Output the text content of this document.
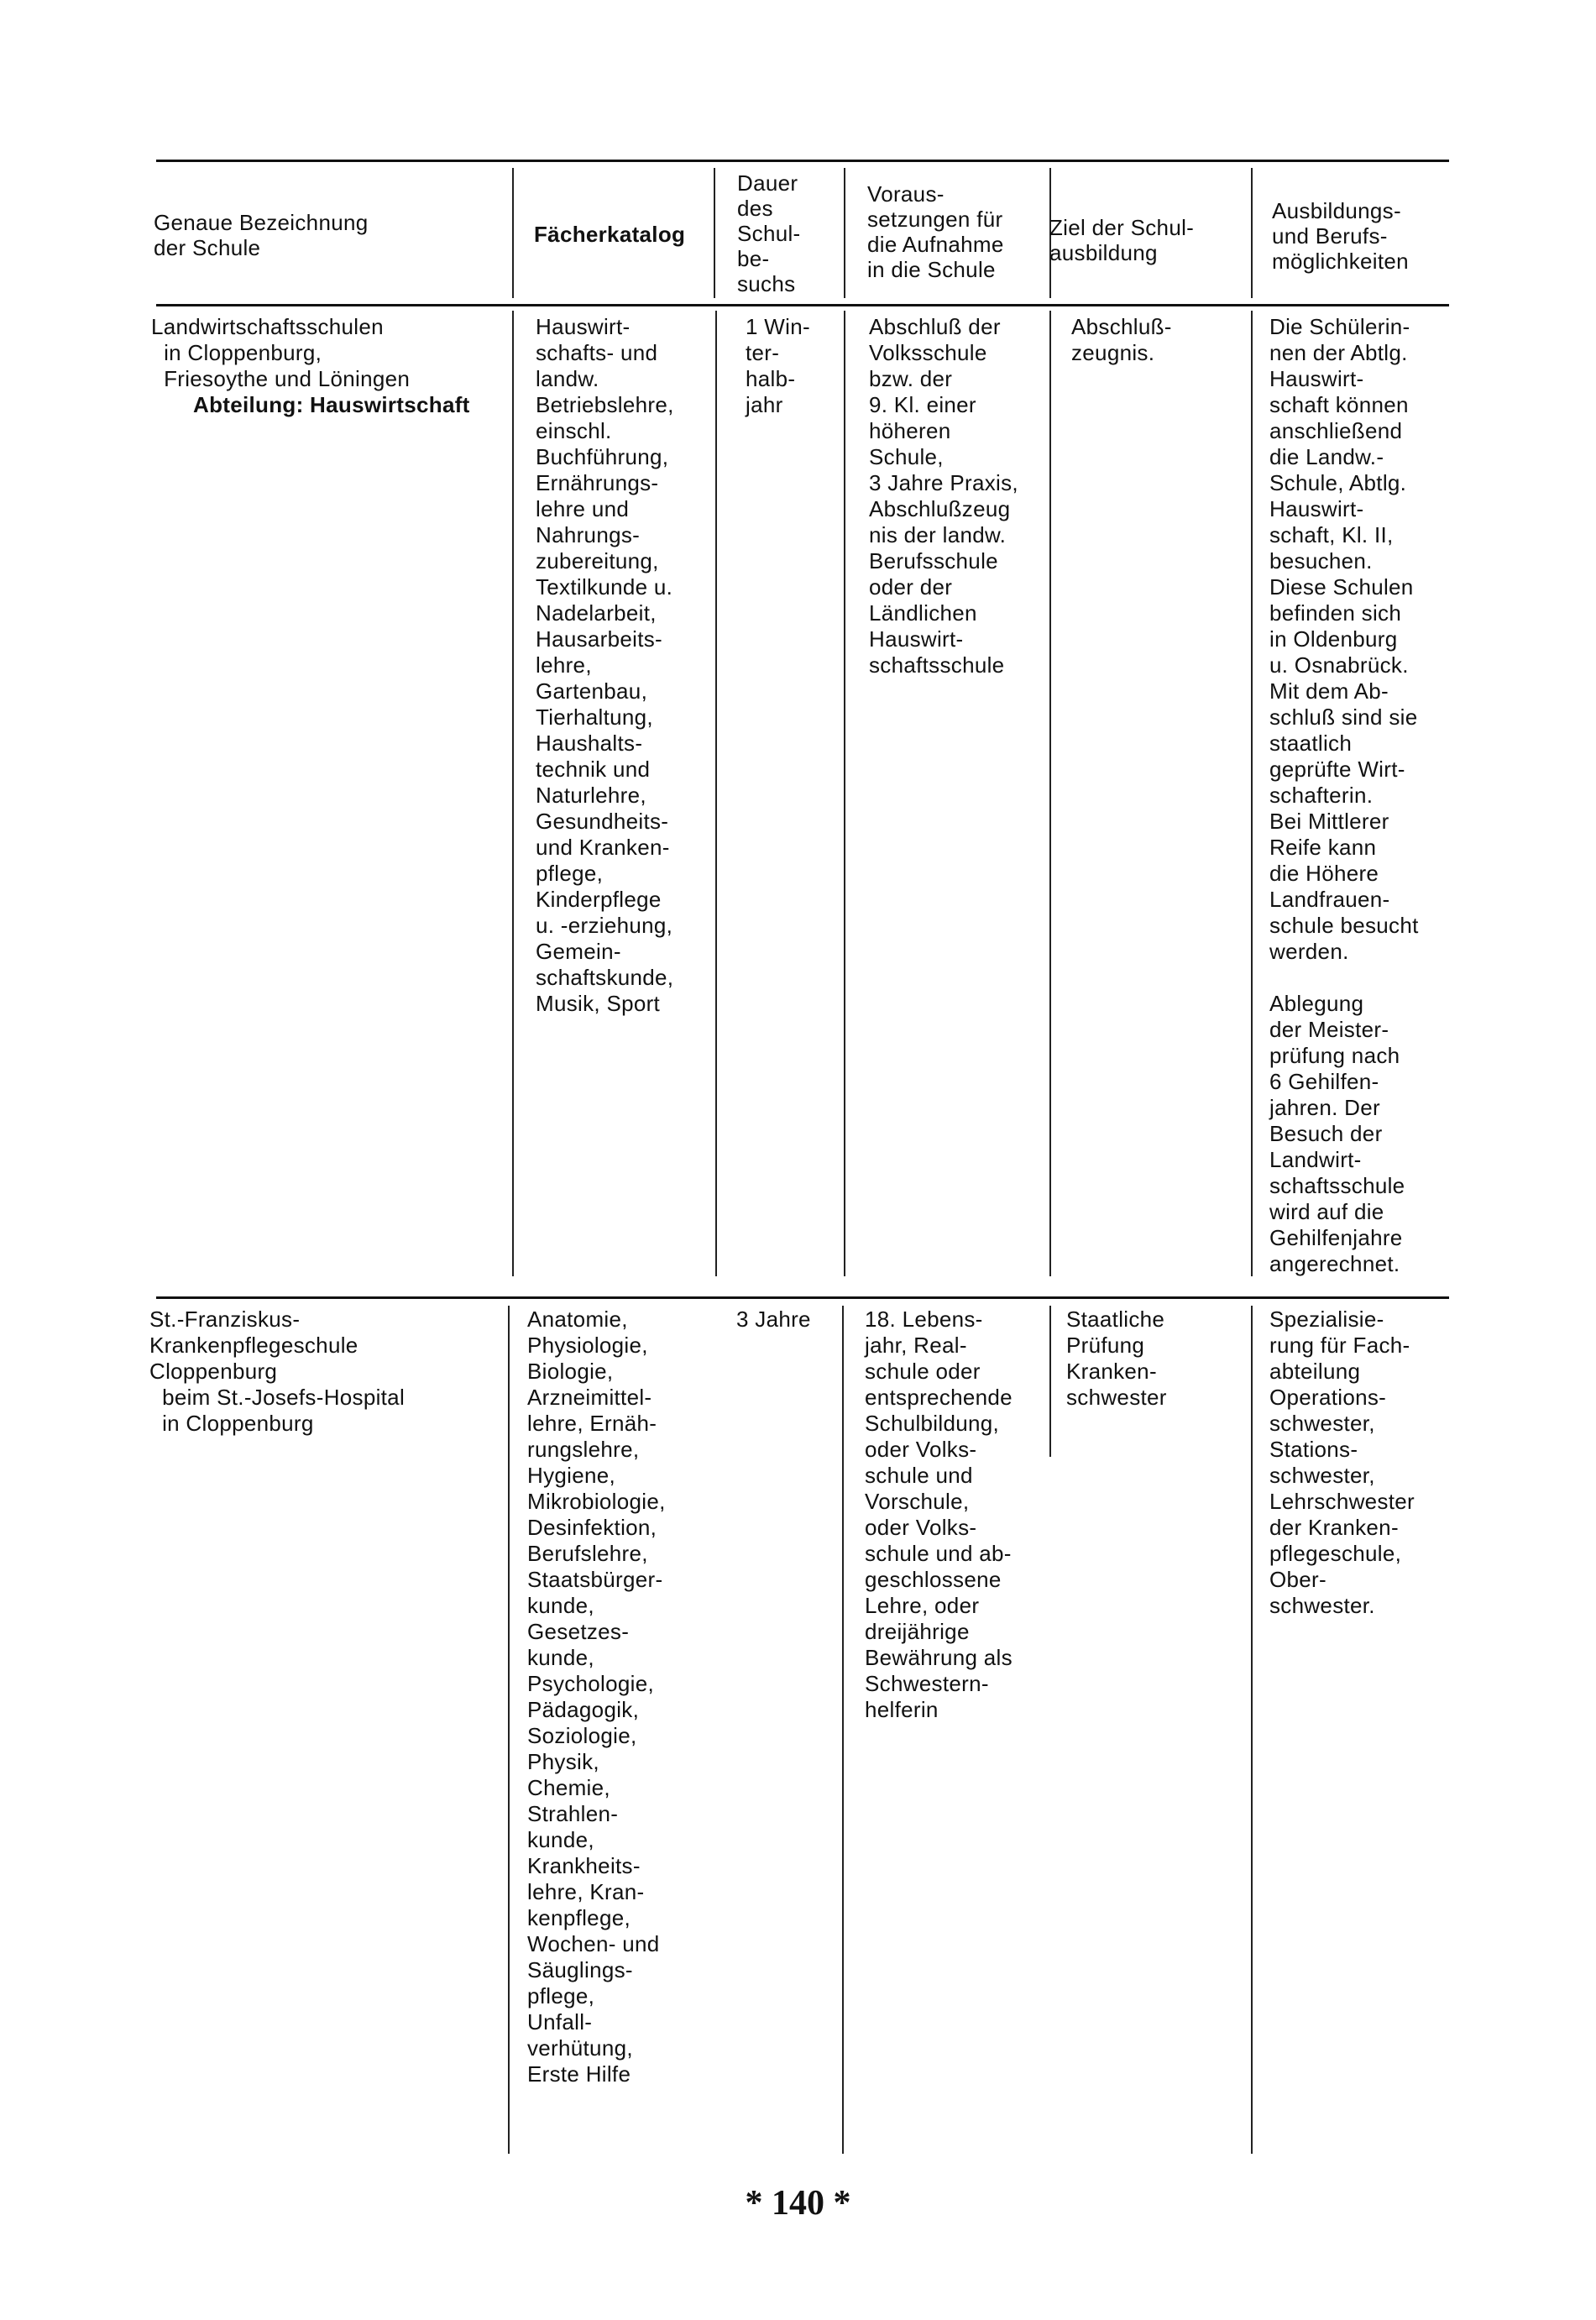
Genaue Bezeichnung
der Schule
Fächerkatalog
Dauer
des
Schul-
be-
suchs
Voraus-
setzungen für
die Aufnahme
in die Schule
Ziel der Schul-
ausbildung
Ausbildungs-
und Berufs-
möglichkeiten
Landwirtschaftsschulen
in Cloppenburg,
Friesoythe und Löningen
Abteilung: Hauswirtschaft
Hauswirt-
schafts- und
landw.
Betriebslehre,
einschl.
Buchführung,
Ernährungs-
lehre und
Nahrungs-
zubereitung,
Textilkunde u.
Nadelarbeit,
Hausarbeits-
lehre,
Gartenbau,
Tierhaltung,
Haushalts-
technik und
Naturlehre,
Gesundheits-
und Kranken-
pflege,
Kinderpflege
u. -erziehung,
Gemein-
schaftskunde,
Musik, Sport
1 Win-
ter-
halb-
jahr
Abschluß der
Volksschule
bzw. der
9. Kl. einer
höheren
Schule,
3 Jahre Praxis,
Abschlußzeug
nis der landw.
Berufsschule
oder der
Ländlichen
Hauswirt-
schaftsschule
Abschluß-
zeugnis.
Die Schülerin-
nen der Abtlg.
Hauswirt-
schaft können
anschließend
die Landw.-
Schule, Abtlg.
Hauswirt-
schaft, Kl. II,
besuchen.
Diese Schulen
befinden sich
in Oldenburg
u. Osnabrück.
Mit dem Ab-
schluß sind sie
staatlich
geprüfte Wirt-
schafterin.
Bei Mittlerer
Reife kann
die Höhere
Landfrauen-
schule besucht
werden.

Ablegung
der Meister-
prüfung nach
6 Gehilfen-
jahren. Der
Besuch der
Landwirt-
schaftsschule
wird auf die
Gehilfenjahre
angerechnet.
St.-Franziskus-
Krankenpflegeschule
Cloppenburg
beim St.-Josefs-Hospital
in Cloppenburg
Anatomie,
Physiologie,
Biologie,
Arzneimittel-
lehre, Ernäh-
rungslehre,
Hygiene,
Mikrobiologie,
Desinfektion,
Berufslehre,
Staatsbürger-
kunde,
Gesetzes-
kunde,
Psychologie,
Pädagogik,
Soziologie,
Physik,
Chemie,
Strahlen-
kunde,
Krankheits-
lehre, Kran-
kenpflege,
Wochen- und
Säuglings-
pflege,
Unfall-
verhütung,
Erste Hilfe
3 Jahre	18. Lebens-
jahr, Real-
schule oder
entsprechende
Schulbildung,
oder Volks-
schule und
Vorschule,
oder Volks-
schule und ab-
geschlossene
Lehre, oder
dreijährige
Bewährung als
Schwestern-
helferin
Staatliche
Prüfung
Kranken-
schwester
Spezialisie-
rung für Fach-
abteilung
Operations-
schwester,
Stations-
schwester,
Lehrschwester
der Kranken-
pflegeschule,
Ober-
schwester.
* 140 *
